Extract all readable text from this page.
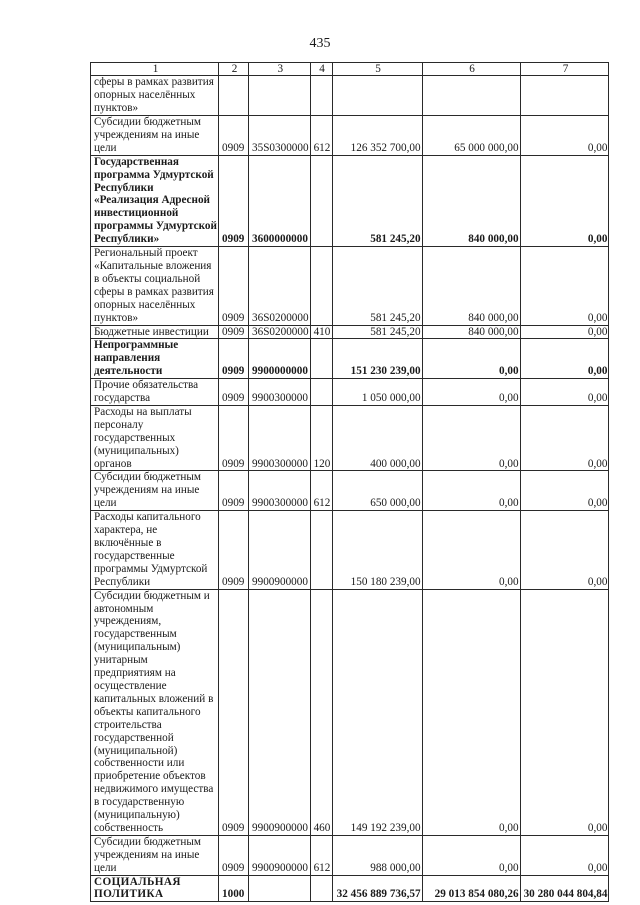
435
1	2	3	4	5	6	7
сферы в рамках развития опорных населённых пунктов»						
Субсидии бюджетным учреждениям на иные цели	0909	35S0300000	612	126 352 700,00	65 000 000,00	0,00
Государственная программа Удмуртской Республики «Реализация Адресной инвестиционной программы Удмуртской Республики»	0909	3600000000		581 245,20	840 000,00	0,00
Региональный проект «Капитальные вложения в объекты социальной сферы в рамках развития опорных населённых пунктов»	0909	36S0200000		581 245,20	840 000,00	0,00
Бюджетные инвестиции	0909	36S0200000	410	581 245,20	840 000,00	0,00
Непрограммные направления деятельности	0909	9900000000		151 230 239,00	0,00	0,00
Прочие обязательства государства	0909	9900300000		1 050 000,00	0,00	0,00
Расходы на выплаты персоналу государственных (муниципальных) органов	0909	9900300000	120	400 000,00	0,00	0,00
Субсидии бюджетным учреждениям на иные цели	0909	9900300000	612	650 000,00	0,00	0,00
Расходы капитального характера, не включённые в государственные программы Удмуртской Республики	0909	9900900000		150 180 239,00	0,00	0,00
Субсидии бюджетным и автономным учреждениям, государственным (муниципальным) унитарным предприятиям на осуществление капитальных вложений в объекты капитального строительства государственной (муниципальной) собственности или приобретение объектов недвижимого имущества в государственную (муниципальную) собственность	0909	9900900000	460	149 192 239,00	0,00	0,00
Субсидии бюджетным учреждениям на иные цели	0909	9900900000	612	988 000,00	0,00	0,00
СОЦИАЛЬНАЯ ПОЛИТИКА	1000			32 456 889 736,57	29 013 854 080,26	30 280 044 804,84
